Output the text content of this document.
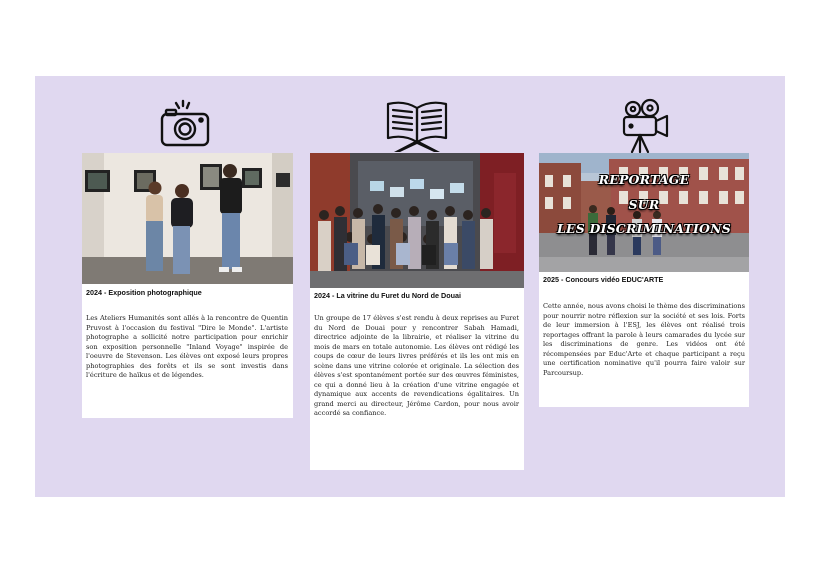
2024 - Exposition photographique
Les Ateliers Humanités sont allés à la rencontre de Quentin Pruvost à l'occasion du festival "Dire le Monde". L'artiste photographe a sollicité notre participation pour enrichir son exposition personnelle "Inland Voyage" inspirée de l'oeuvre de Stevenson. Les élèves ont exposé leurs propres photographies des forêts et ils se sont investis dans l'écriture de haïkus et de légendes.
2024 - La vitrine du Furet du Nord de Douai
Un groupe de 17 élèves s'est rendu à deux reprises au Furet du Nord de Douai pour y rencontrer Sabah Hamadi, directrice adjointe de la librairie, et réaliser la vitrine du mois de mars en totale autonomie. Les élèves ont rédigé les coups de cœur de leurs livres préférés et ils les ont mis en scène dans une vitrine colorée et originale. La sélection des élèves s'est spontanément portée sur des œuvres féministes, ce qui a donné lieu à la création d'une vitrine engagée et dynamique aux accents de revendications égalitaires. Un grand merci au directeur, Jérôme Cardon, pour nous avoir accordé sa confiance.
REPORTAGE
SUR
LES DISCRIMINATIONS
2025 - Concours vidéo EDUC'ARTE
Cette année, nous avons choisi le thème des discriminations pour nourrir notre réflexion sur la société et ses lois. Forts de leur immersion à l'ESJ, les élèves ont réalisé trois reportages offrant la parole à leurs camarades du lycée sur les discriminations de genre. Les vidéos ont été récompensées par Educ'Arte et chaque participant a reçu une certification nominative qu'il pourra faire valoir sur Parcoursup.
